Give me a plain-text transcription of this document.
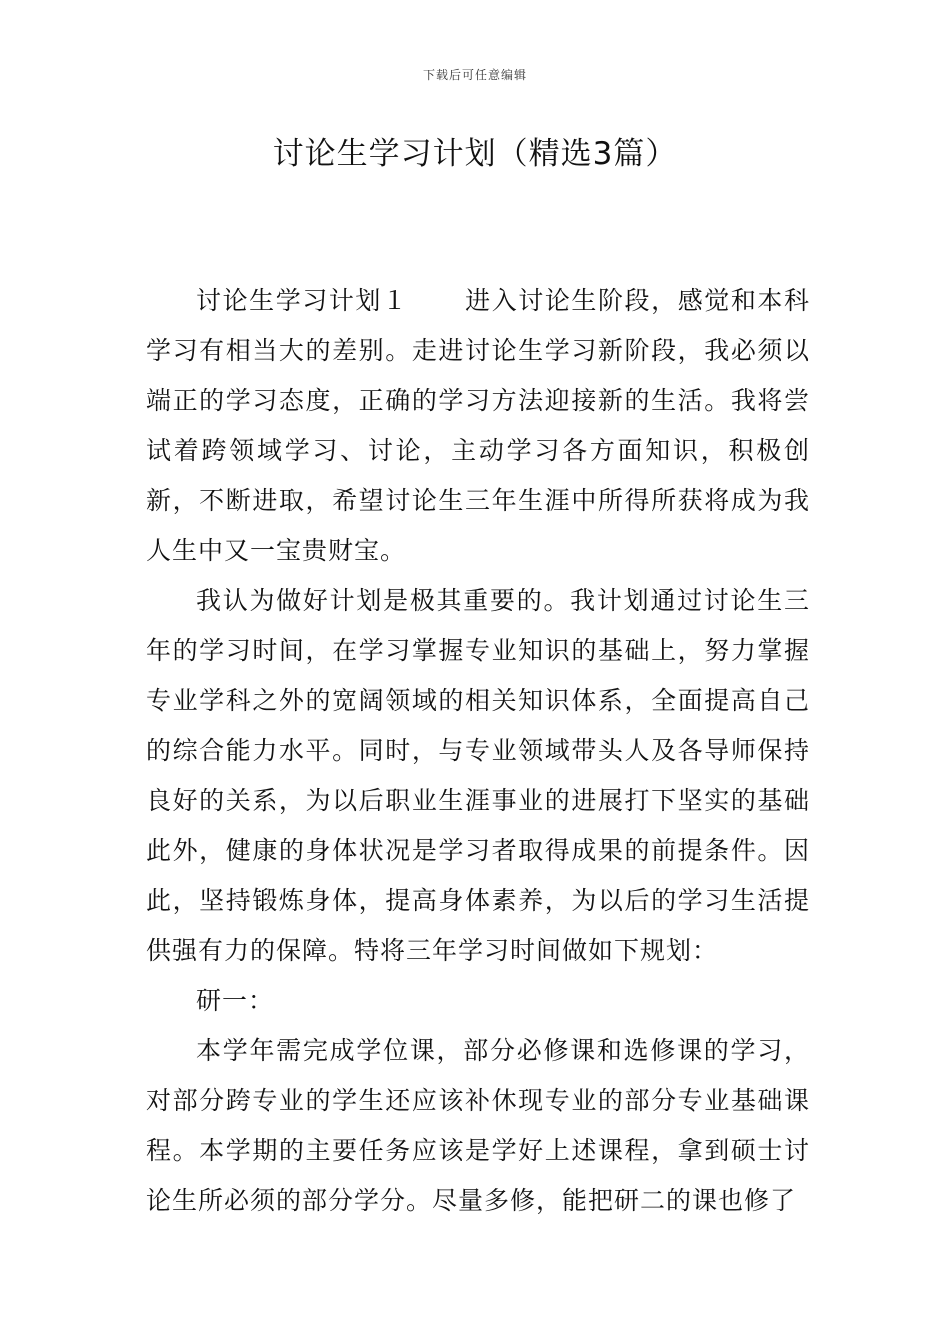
下载后可任意编辑
讨论生学习计划（精选3篇）

讨论生学习计划１ 进入讨论生阶段，感觉和本科学习有相当大的差别。走进讨论生学习新阶段，我必须以端正的学习态度，正确的学习方法迎接新的生活。我将尝试着跨领域学习、讨论，主动学习各方面知识，积极创新，不断进取，希望讨论生三年生涯中所得所获将成为我人生中又一宝贵财宝。

我认为做好计划是极其重要的。我计划通过讨论生三年的学习时间，在学习掌握专业知识的基础上，努力掌握专业学科之外的宽阔领域的相关知识体系，全面提高自己的综合能力水平。同时，与专业领域带头人及各导师保持良好的关系，为以后职业生涯事业的进展打下坚实的基础此外，健康的身体状况是学习者取得成果的前提条件。因此，坚持锻炼身体，提高身体素养，为以后的学习生活提供强有力的保障。特将三年学习时间做如下规划：

研一：

本学年需完成学位课，部分必修课和选修课的学习，对部分跨专业的学生还应该补休现专业的部分专业基础课程。本学期的主要任务应该是学好上述课程，拿到硕士讨论生所必须的部分学分。尽量多修，能把研二的课也修了
